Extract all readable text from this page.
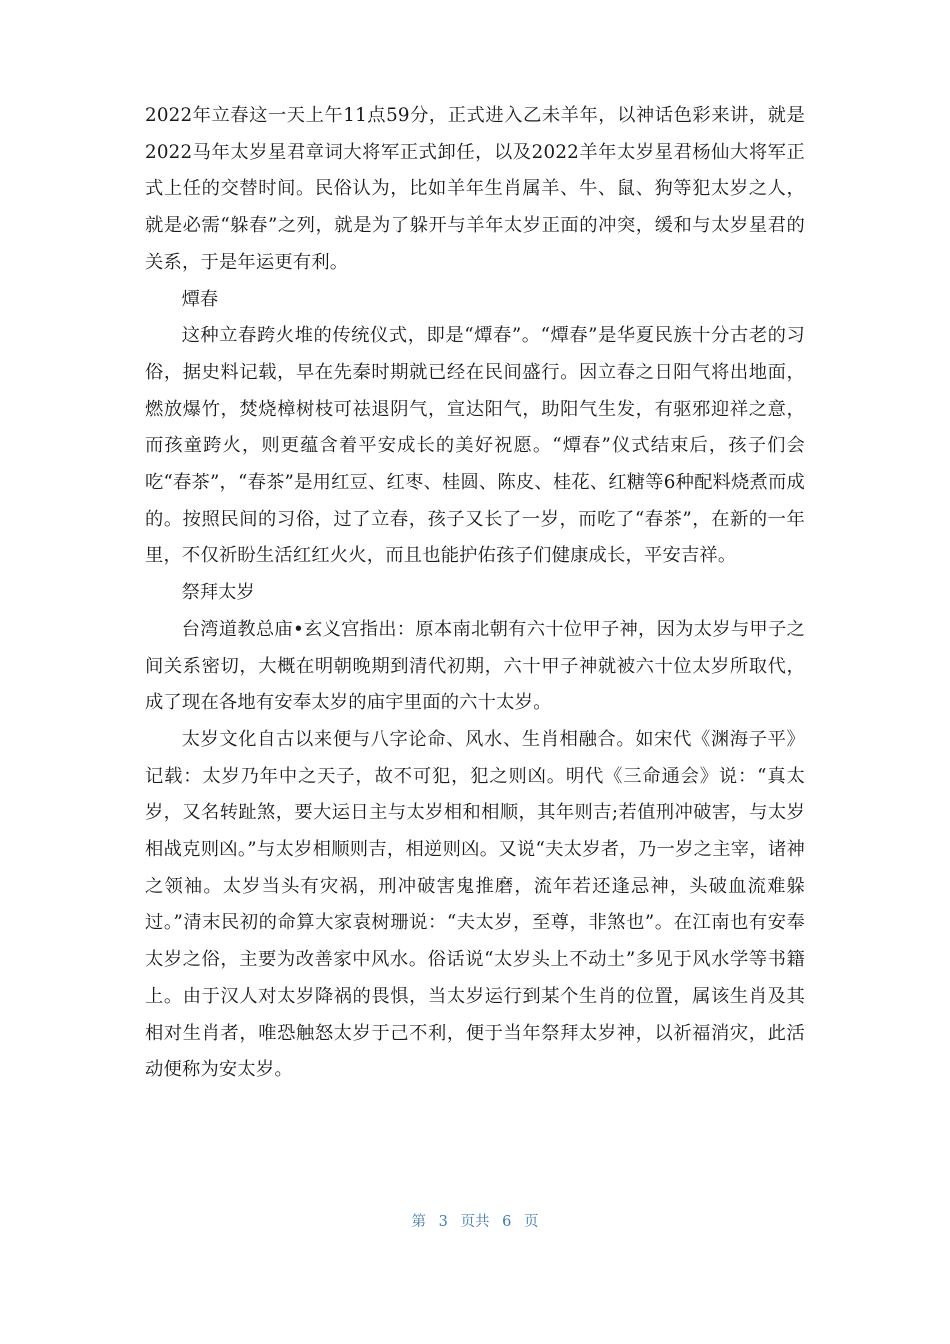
2022年立春这一天上午11点59分，正式进入乙未羊年，以神话色彩来讲，就是2022马年太岁星君章词大将军正式卸任，以及2022羊年太岁星君杨仙大将军正式上任的交替时间。民俗认为，比如羊年生肖属羊、牛、鼠、狗等犯太岁之人，就是必需“躲春”之列，就是为了躲开与羊年太岁正面的冲突，缓和与太岁星君的关系，于是年运更有利。

燂春

这种立春跨火堆的传统仪式，即是“燂春”。“燂春”是华夏民族十分古老的习俗，据史料记载，早在先秦时期就已经在民间盛行。因立春之日阳气将出地面，燃放爆竹，焚烧樟树枝可祛退阴气，宣达阳气，助阳气生发，有驱邪迎祥之意，而孩童跨火，则更蕴含着平安成长的美好祝愿。“燂春”仪式结束后，孩子们会吃“春茶”，“春茶”是用红豆、红枣、桂圆、陈皮、桂花、红糖等6种配料烧煮而成的。按照民间的习俗，过了立春，孩子又长了一岁，而吃了“春茶”，在新的一年里，不仅祈盼生活红红火火，而且也能护佑孩子们健康成长，平安吉祥。

祭拜太岁

台湾道教总庙•玄义宫指出：原本南北朝有六十位甲子神，因为太岁与甲子之间关系密切，大概在明朝晚期到清代初期，六十甲子神就被六十位太岁所取代，成了现在各地有安奉太岁的庙宇里面的六十太岁。

太岁文化自古以来便与八字论命、风水、生肖相融合。如宋代《渊海子平》记载：太岁乃年中之天子，故不可犯，犯之则凶。明代《三命通会》说：“真太岁，又名转趾煞，要大运日主与太岁相和相顺，其年则吉;若值刑冲破害，与太岁相战克则凶。”与太岁相顺则吉，相逆则凶。又说“夫太岁者，乃一岁之主宰，诸神之领袖。太岁当头有灾祸，刑冲破害鬼推磨，流年若还逢忌神，头破血流难躲过。”清末民初的命算大家袁树珊说：“夫太岁，至尊，非煞也”。在江南也有安奉太岁之俗，主要为改善家中风水。俗话说“太岁头上不动土”多见于风水学等书籍上。由于汉人对太岁降祸的畏惧，当太岁运行到某个生肖的位置，属该生肖及其相对生肖者，唯恐触怒太岁于己不利，便于当年祭拜太岁神，以祈福消灾，此活动便称为安太岁。

第 3 页共 6 页
